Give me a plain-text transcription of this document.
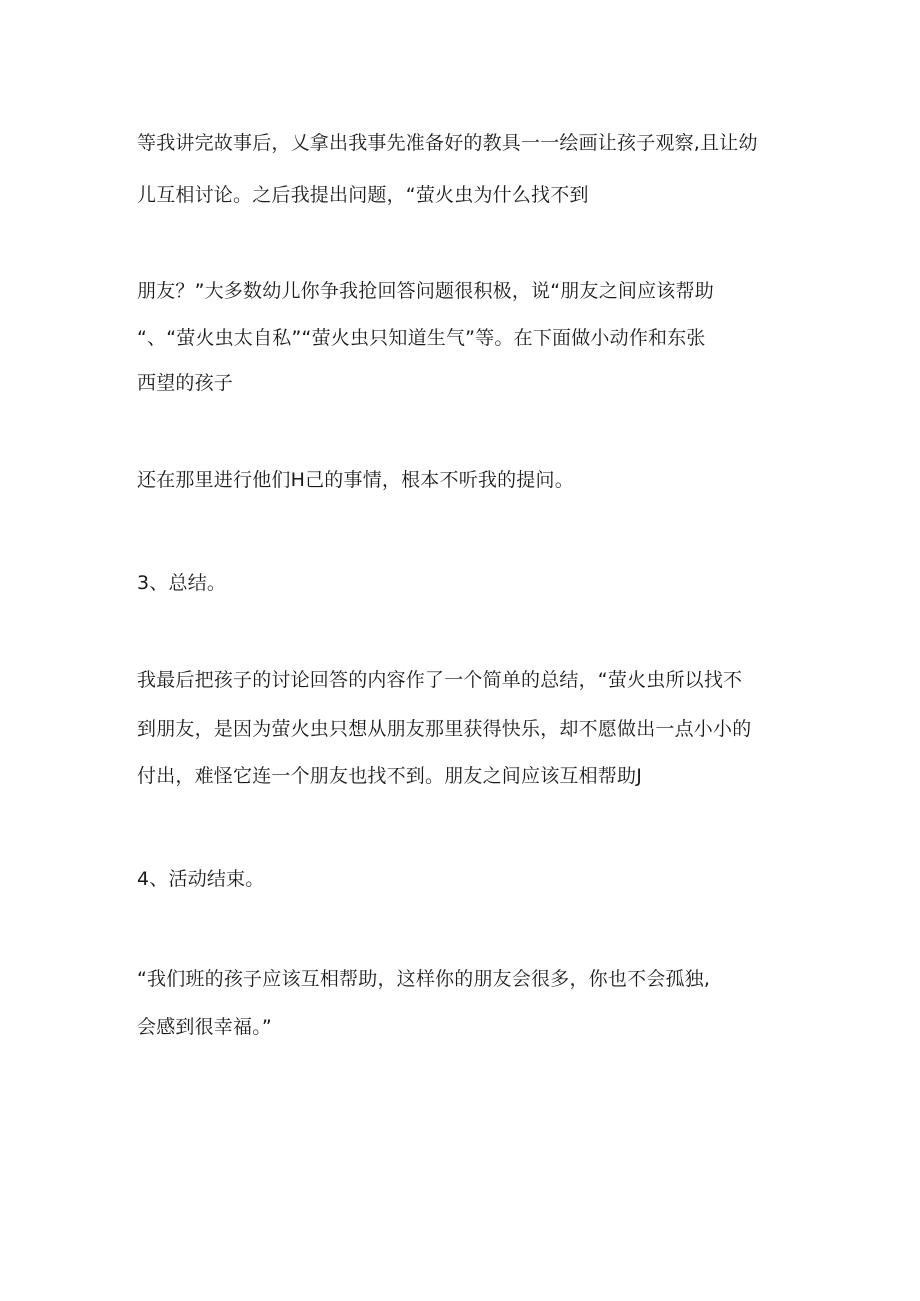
等我讲完故事后，乂拿出我事先准备好的教具一一绘画让孩子观察,且让幼
儿互相讨论。之后我提出问题，“萤火虫为什么找不到
朋友？”大多数幼儿你争我抢回答问题很积极，说“朋友之间应该帮助
“、“萤火虫太自私”“萤火虫只知道生气”等。在下面做小动作和东张
西望的孩子
还在那里进行他们H己的事情，根本不听我的提问。
3、总结。
我最后把孩子的讨论回答的内容作了一个简单的总结，“萤火虫所以找不
到朋友，是因为萤火虫只想从朋友那里获得快乐，却不愿做出一点小小的
付出，难怪它连一个朋友也找不到。朋友之间应该互相帮助J
4、活动结束。
“我们班的孩子应该互相帮助，这样你的朋友会很多，你也不会孤独,
会感到很幸福。”
